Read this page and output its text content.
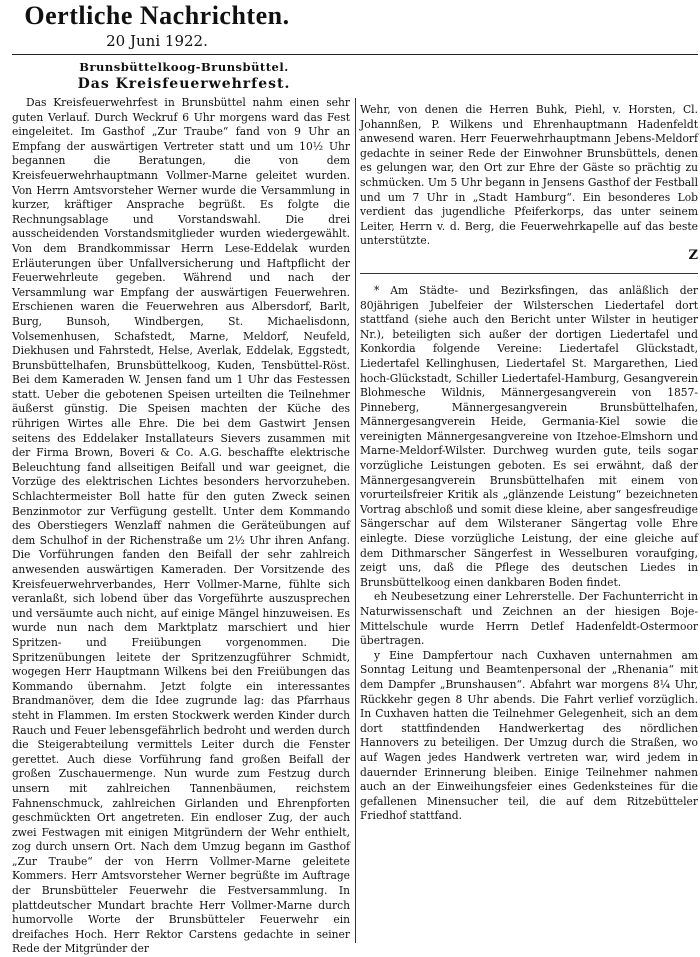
Oertliche Nachrichten.
20 Juni 1922.
Brunsbüttelkoog-Brunsbüttel.
Das Kreisfeuerwehrfest.

Das Kreisfeuerwehrfest in Brunsbüttel nahm einen sehr guten Verlauf. Durch Weckruf 6 Uhr morgens ward das Fest eingeleitet. Im Gasthof „Zur Traube“ fand von 9 Uhr an Empfang der auswärtigen Vertreter statt und um 10½ Uhr begannen die Beratungen, die von dem Kreisfeuerwehrhauptmann Vollmer-Marne geleitet wurden. Von Herrn Amtsvorsteher Werner wurde die Versammlung in kurzer, kräftiger Ansprache begrüßt. Es folgte die Rechnungsablage und Vorstandswahl. Die drei ausscheidenden Vorstandsmitglieder wurden wiedergewählt. Von dem Brandkommissar Herrn Lese-Eddelak wurden Erläuterungen über Unfallversicherung und Haftpflicht der Feuerwehrleute gegeben. Während und nach der Versammlung war Empfang der auswärtigen Feuerwehren. Erschienen waren die Feuerwehren aus Albersdorf, Barlt, Burg, Bunsoh, Windbergen, St. Michaelisdonn, Volsemenhusen, Schafstedt, Marne, Meldorf, Neufeld, Diekhusen und Fahrstedt, Helse, Averlak, Eddelak, Eggstedt, Brunsbüttelhafen, Brunsbüttelkoog, Kuden, Tensbüttel-Röst. Bei dem Kameraden W. Jensen fand um 1 Uhr das Festessen statt. Ueber die gebotenen Speisen urteilten die Teilnehmer äußerst günstig. Die Speisen machten der Küche des rührigen Wirtes alle Ehre. Die bei dem Gastwirt Jensen seitens des Eddelaker Installateurs Sievers zusammen mit der Firma Brown, Boveri & Co. A.G. beschaffte elektrische Beleuchtung fand allseitigen Beifall und war geeignet, die Vorzüge des elektrischen Lichtes besonders hervorzuheben. Schlachtermeister Boll hatte für den guten Zweck seinen Benzinmotor zur Verfügung gestellt. Unter dem Kommando des Oberstiegers Wenzlaff nahmen die Geräteübungen auf dem Schulhof in der Richenstraße um 2½ Uhr ihren Anfang. Die Vorführungen fanden den Beifall der sehr zahlreich anwesenden auswärtigen Kameraden. Der Vorsitzende des Kreisfeuerwehrverbandes, Herr Vollmer-Marne, fühlte sich veranlaßt, sich lobend über das Vorgeführte auszusprechen und versäumte auch nicht, auf einige Mängel hinzuweisen. Es wurde nun nach dem Marktplatz marschiert und hier Spritzen- und Freiübungen vorgenommen. Die Spritzenübungen leitete der Spritzenzugführer Schmidt, wogegen Herr Hauptmann Wilkens bei den Freiübungen das Kommando übernahm. Jetzt folgte ein interessantes Brandmanöver, dem die Idee zugrunde lag: das Pfarrhaus steht in Flammen. Im ersten Stockwerk werden Kinder durch Rauch und Feuer lebensgefährlich bedroht und werden durch die Steigerabteilung vermittels Leiter durch die Fenster gerettet. Auch diese Vorführung fand großen Beifall der großen Zuschauermenge. Nun wurde zum Festzug durch unsern mit zahlreichen Tannenbäumen, reichstem Fahnenschmuck, zahlreichen Girlanden und Ehrenpforten geschmückten Ort angetreten. Ein endloser Zug, der auch zwei Festwagen mit einigen Mitgründern der Wehr enthielt, zog durch unsern Ort. Nach dem Umzug begann im Gasthof „Zur Traube“ der von Herrn Vollmer-Marne geleitete Kommers. Herr Amtsvorsteher Werner begrüßte im Auftrage der Brunsbütteler Feuerwehr die Festversammlung. In plattdeutscher Mundart brachte Herr Vollmer-Marne durch humorvolle Worte der Brunsbütteler Feuerwehr ein dreifaches Hoch. Herr Rektor Carstens gedachte in seiner Rede der Mitgründer der

Wehr, von denen die Herren Buhk, Piehl, v. Horsten, Cl. Johannßen, P. Wilkens und Ehrenhauptmann Hadenfeldt anwesend waren. Herr Feuerwehrhauptmann Jebens-Meldorf gedachte in seiner Rede der Einwohner Brunsbüttels, denen es gelungen war, den Ort zur Ehre der Gäste so prächtig zu schmücken. Um 5 Uhr begann in Jensens Gasthof der Festball und um 7 Uhr in „Stadt Hamburg“. Ein besonderes Lob verdient das jugendliche Pfeiferkorps, das unter seinem Leiter, Herrn v. d. Berg, die Feuerwehrkapelle auf das beste unterstützte.

Z

* Am Städte- und Bezirksfingen, das anläßlich der 80jährigen Jubelfeier der Wilsterschen Liedertafel dort stattfand (siehe auch den Bericht unter Wilster in heutiger Nr.), beteiligten sich außer der dortigen Liedertafel und Konkordia folgende Vereine: Liedertafel Glückstadt, Liedertafel Kellinghusen, Liedertafel St. Margarethen, Lied hoch-Glückstadt, Schiller Liedertafel-Hamburg, Gesangverein Blohmesche Wildnis, Männergesangverein von 1857-Pinneberg, Männergesangverein Brunsbüttelhafen, Männergesangverein Heide, Germania-Kiel sowie die vereinigten Männergesangvereine von Itzehoe-Elmshorn und Marne-Meldorf-Wilster. Durchweg wurden gute, teils sogar vorzügliche Leistungen geboten. Es sei erwähnt, daß der Männergesangverein Brunsbüttelhafen mit einem von vorurteilsfreier Kritik als „glänzende Leistung“ bezeichneten Vortrag abschloß und somit diese kleine, aber sangesfreudige Sängerschar auf dem Wilsteraner Sängertag volle Ehre einlegte. Diese vorzügliche Leistung, der eine gleiche auf dem Dithmarscher Sängerfest in Wesselburen voraufging, zeigt uns, daß die Pflege des deutschen Liedes in Brunsbüttelkoog einen dankbaren Boden findet.

eh Neubesetzung einer Lehrerstelle. Der Fachunterricht in Naturwissenschaft und Zeichnen an der hiesigen Boje-Mittelschule wurde Herrn Detlef Hadenfeldt-Ostermoor übertragen.

y Eine Dampfertour nach Cuxhaven unternahmen am Sonntag Leitung und Beamtenpersonal der „Rhenania“ mit dem Dampfer „Brunshausen“. Abfahrt war morgens 8¼ Uhr, Rückkehr gegen 8 Uhr abends. Die Fahrt verlief vorzüglich. In Cuxhaven hatten die Teilnehmer Gelegenheit, sich an dem dort stattfindenden Handwerkertag des nördlichen Hannovers zu beteiligen. Der Umzug durch die Straßen, wo auf Wagen jedes Handwerk vertreten war, wird jedem in dauernder Erinnerung bleiben. Einige Teilnehmer nahmen auch an der Einweihungsfeier eines Gedenksteines für die gefallenen Minensucher teil, die auf dem Ritzebütteler Friedhof stattfand.
